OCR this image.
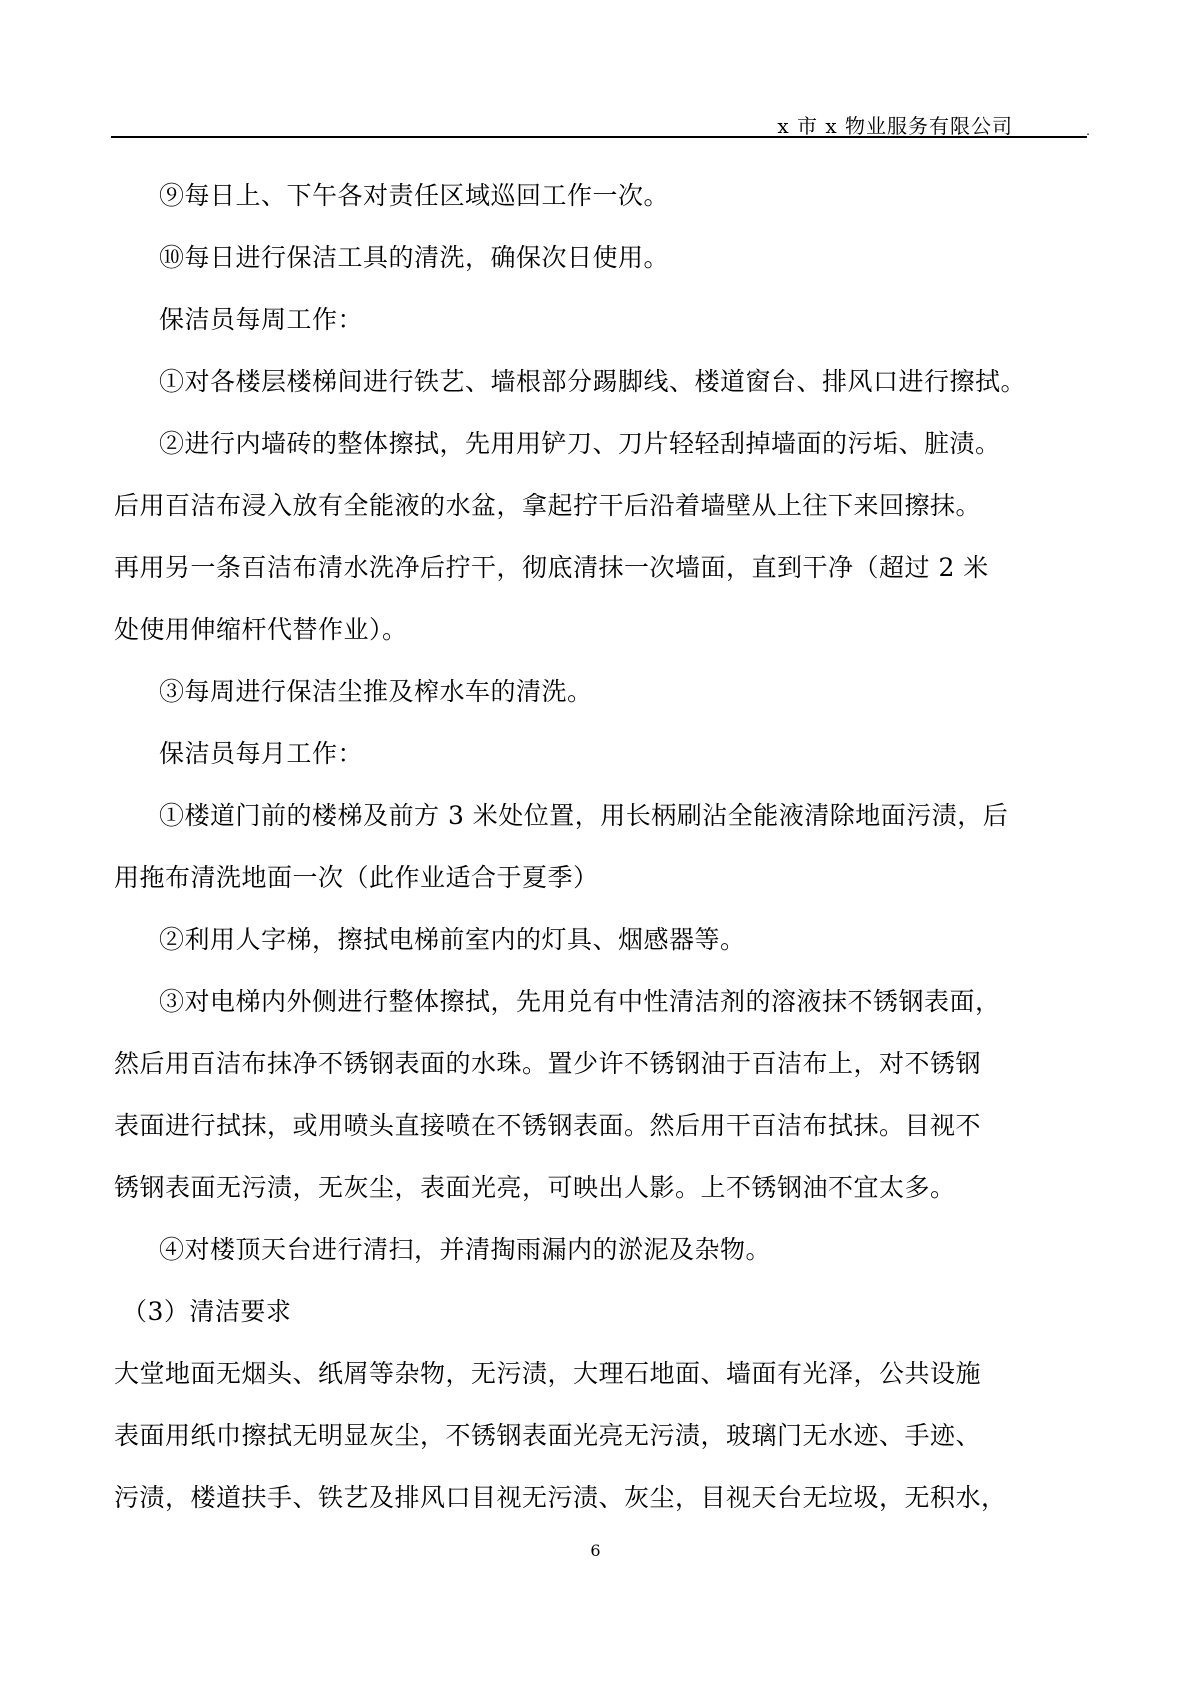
x 市 x 物业服务有限公司	.
⑨每日上、下午各对责任区域巡回工作一次。
⑩每日进行保洁工具的清洗，确保次日使用。
保洁员每周工作：
①对各楼层楼梯间进行铁艺、墙根部分踢脚线、楼道窗台、排风口进行擦拭。
②进行内墙砖的整体擦拭，先用用铲刀、刀片轻轻刮掉墙面的污垢、脏渍。
后用百洁布浸入放有全能液的水盆，拿起拧干后沿着墙壁从上往下来回擦抹。
再用另一条百洁布清水洗净后拧干，彻底清抹一次墙面，直到干净（超过 2 米
处使用伸缩杆代替作业）。
③每周进行保洁尘推及榨水车的清洗。
保洁员每月工作：
①楼道门前的楼梯及前方 3 米处位置，用长柄刷沾全能液清除地面污渍，后
用拖布清洗地面一次（此作业适合于夏季）
②利用人字梯，擦拭电梯前室内的灯具、烟感器等。
③对电梯内外侧进行整体擦拭，先用兑有中性清洁剂的溶液抹不锈钢表面，
然后用百洁布抹净不锈钢表面的水珠。置少许不锈钢油于百洁布上，对不锈钢
表面进行拭抹，或用喷头直接喷在不锈钢表面。然后用干百洁布拭抹。目视不
锈钢表面无污渍，无灰尘，表面光亮，可映出人影。上不锈钢油不宜太多。
④对楼顶天台进行清扫，并清掏雨漏内的淤泥及杂物。
（3）清洁要求
大堂地面无烟头、纸屑等杂物，无污渍，大理石地面、墙面有光泽，公共设施
表面用纸巾擦拭无明显灰尘，不锈钢表面光亮无污渍，玻璃门无水迹、手迹、
污渍，楼道扶手、铁艺及排风口目视无污渍、灰尘，目视天台无垃圾，无积水，
6
